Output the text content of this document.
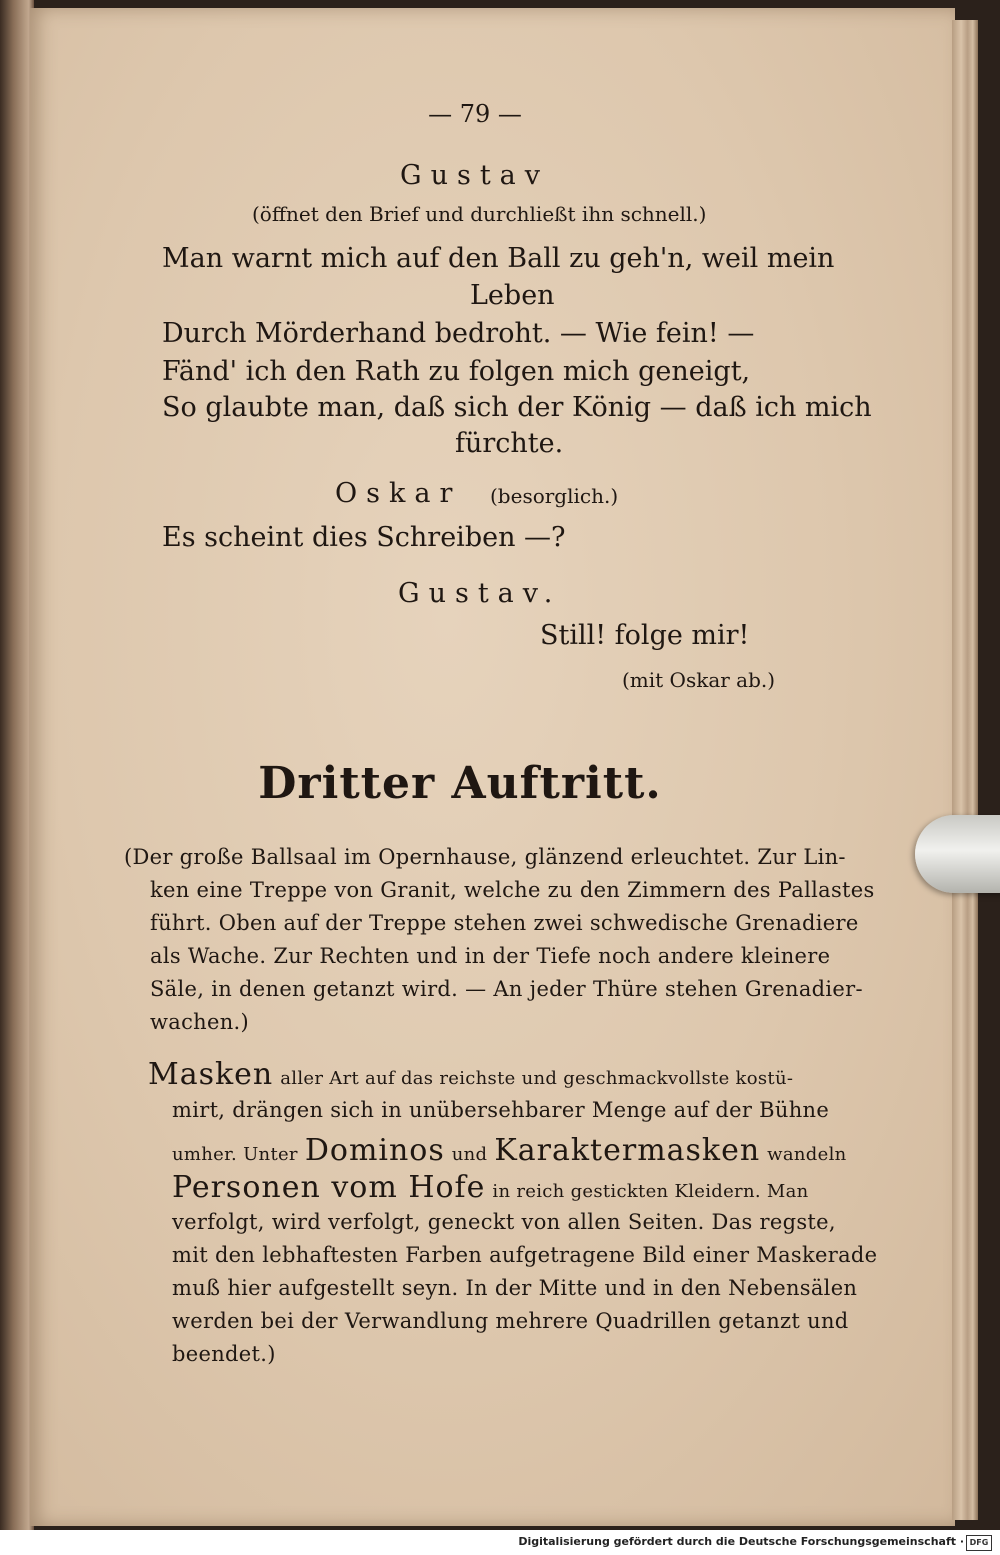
— 79 —
Gustav
(öffnet den Brief und durchließt ihn schnell.)
Man warnt mich auf den Ball zu geh'n, weil mein
Leben
Durch Mörderhand bedroht. — Wie fein! —
Fänd' ich den Rath zu folgen mich geneigt,
So glaubte man, daß sich der König — daß ich mich
fürchte.
Oskar (besorglich.)
Es scheint dies Schreiben —?
Gustav.
Still! folge mir!
(mit Oskar ab.)
Dritter Auftritt.
(Der große Ballsaal im Opernhause, glänzend erleuchtet. Zur Lin-
ken eine Treppe von Granit, welche zu den Zimmern des Pallastes
führt. Oben auf der Treppe stehen zwei schwedische Grenadiere
als Wache. Zur Rechten und in der Tiefe noch andere kleinere
Säle, in denen getanzt wird. — An jeder Thüre stehen Grenadier-
wachen.)
Masken aller Art auf das reichste und geschmackvollste kostü-
mirt, drängen sich in unübersehbarer Menge auf der Bühne
umher. Unter Dominos und Karaktermasken wandeln
Personen vom Hofe in reich gestickten Kleidern. Man
verfolgt, wird verfolgt, geneckt von allen Seiten. Das regste,
mit den lebhaftesten Farben aufgetragene Bild einer Maskerade
muß hier aufgestellt seyn. In der Mitte und in den Nebensälen
werden bei der Verwandlung mehrere Quadrillen getanzt und
beendet.)
Digitalisierung gefördert durch die Deutsche Forschungsgemeinschaft · DFG
